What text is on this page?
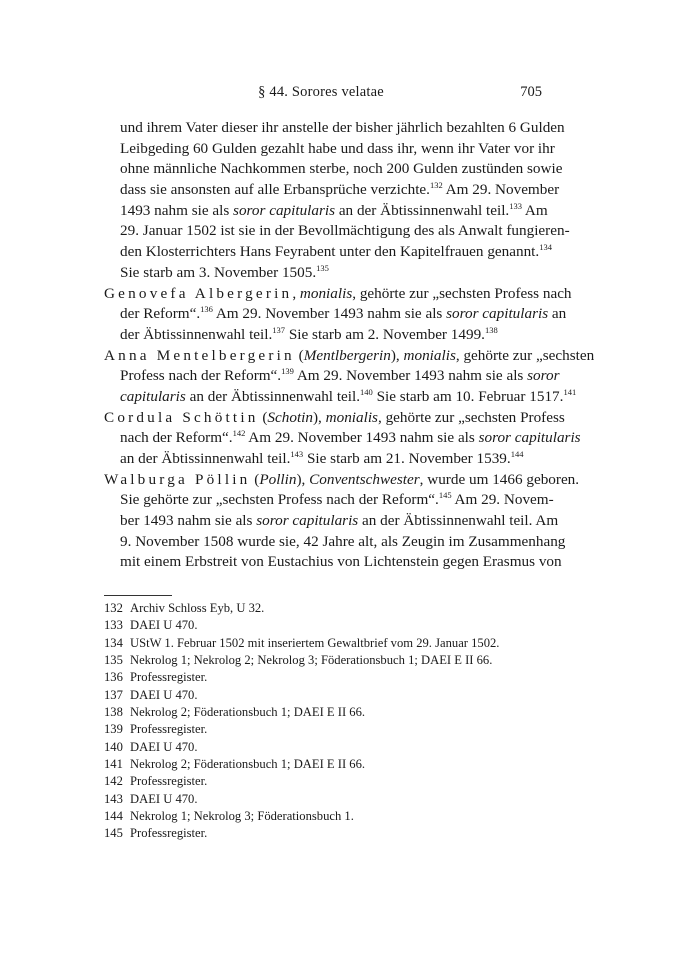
§ 44. Sorores velatae	705
und ihrem Vater dieser ihr anstelle der bisher jährlich bezahlten 6 Gulden
Leibgeding 60 Gulden gezahlt habe und dass ihr, wenn ihr Vater vor ihr
ohne männliche Nachkommen sterbe, noch 200 Gulden zustünden sowie
dass sie ansonsten auf alle Erbansprüche verzichte.$^{132}$ Am 29. November
1493 nahm sie als soror capitularis an der Äbtissinnenwahl teil.$^{133}$ Am
29. Januar 1502 ist sie in der Bevollmächtigung des als Anwalt fungieren-
den Klosterrichters Hans Feyrabent unter den Kapitelfrauen genannt.$^{134}$
Sie starb am 3. November 1505.$^{135}$
Genovefa Albergerin, monialis, gehörte zur „sechsten Profess nach
der Reform“.$^{136}$ Am 29. November 1493 nahm sie als soror capitularis an
der Äbtissinnenwahl teil.$^{137}$ Sie starb am 2. November 1499.$^{138}$
Anna Mentelbergerin (Mentlbergerin), monialis, gehörte zur „sechsten
Profess nach der Reform“.$^{139}$ Am 29. November 1493 nahm sie als soror
capitularis an der Äbtissinnenwahl teil.$^{140}$ Sie starb am 10. Februar 1517.$^{141}$
Cordula Schöttin (Schotin), monialis, gehörte zur „sechsten Profess
nach der Reform“.$^{142}$ Am 29. November 1493 nahm sie als soror capitularis
an der Äbtissinnenwahl teil.$^{143}$ Sie starb am 21. November 1539.$^{144}$
Walburga Pöllin (Pollin), Conventschwester, wurde um 1466 geboren.
Sie gehörte zur „sechsten Profess nach der Reform“.$^{145}$ Am 29. Novem-
ber 1493 nahm sie als soror capitularis an der Äbtissinnenwahl teil. Am
9. November 1508 wurde sie, 42 Jahre alt, als Zeugin im Zusammenhang
mit einem Erbstreit von Eustachius von Lichtenstein gegen Erasmus von
132 Archiv Schloss Eyb, U 32.
133 DAEI U 470.
134 UStW 1. Februar 1502 mit inseriertem Gewaltbrief vom 29. Januar 1502.
135 Nekrolog 1; Nekrolog 2; Nekrolog 3; Föderationsbuch 1; DAEI E II 66.
136 Professregister.
137 DAEI U 470.
138 Nekrolog 2; Föderationsbuch 1; DAEI E II 66.
139 Professregister.
140 DAEI U 470.
141 Nekrolog 2; Föderationsbuch 1; DAEI E II 66.
142 Professregister.
143 DAEI U 470.
144 Nekrolog 1; Nekrolog 3; Föderationsbuch 1.
145 Professregister.
